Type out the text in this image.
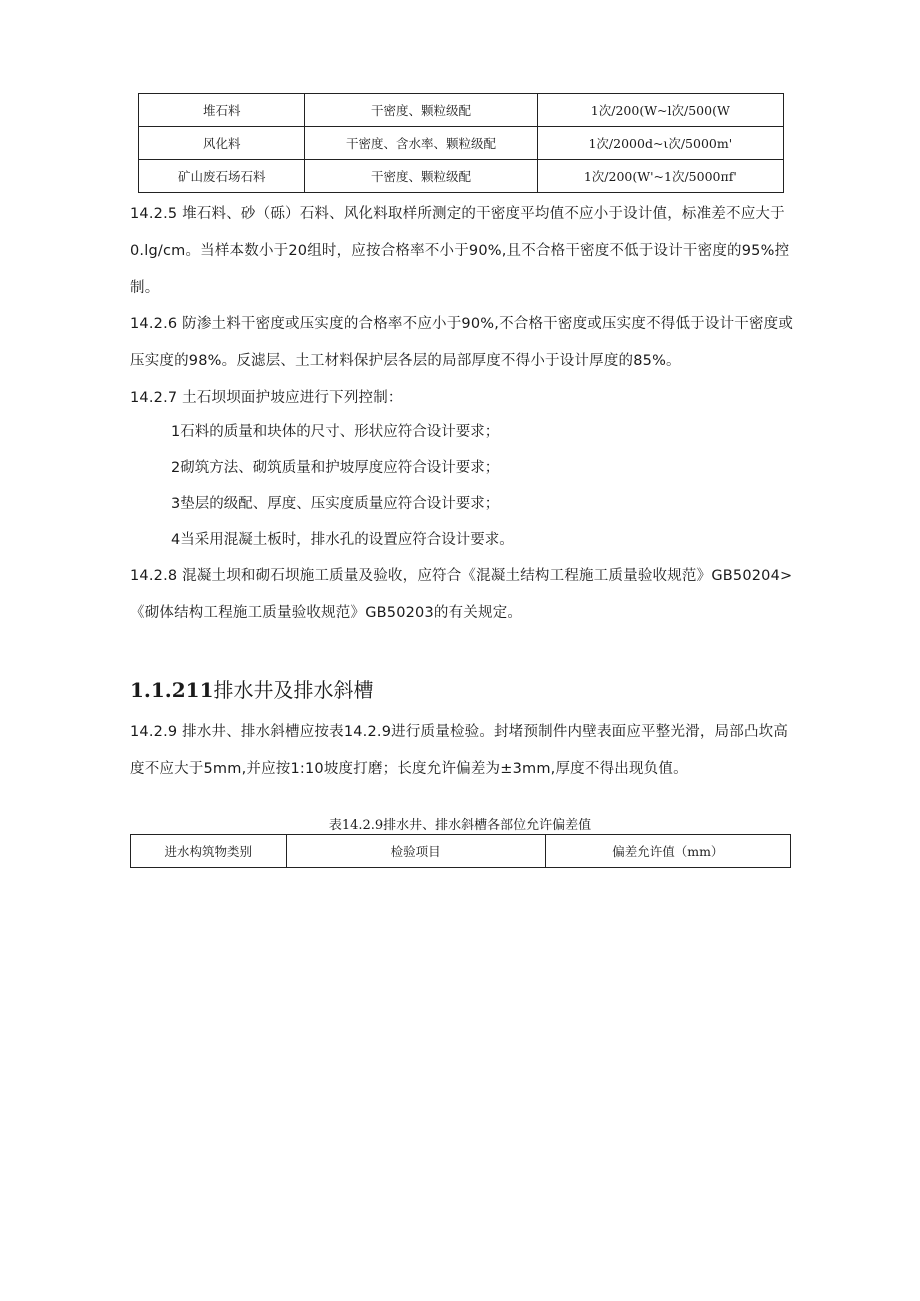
堆石料	干密度、颗粒级配	1次/200(W~l次/500(W
风化料	干密度、含水率、颗粒级配	1次/2000d~ι次/5000m'
矿山废石场石料	干密度、颗粒级配	1次/200(W'~1次/5000πf'

14.2.5 堆石料、砂（砾）石料、风化料取样所测定的干密度平均值不应小于设计值，标准差不应大于0.lg/cm。当样本数小于20组时，应按合格率不小于90%,且不合格干密度不低于设计干密度的95%控制。

14.2.6 防渗土料干密度或压实度的合格率不应小于90%,不合格干密度或压实度不得低于设计干密度或压实度的98%。反滤层、土工材料保护层各层的局部厚度不得小于设计厚度的85%。

14.2.7 土石坝坝面护坡应进行下列控制：

1石料的质量和块体的尺寸、形状应符合设计要求；

2砌筑方法、砌筑质量和护坡厚度应符合设计要求；

3垫层的级配、厚度、压实度质量应符合设计要求；

4当采用混凝土板时，排水孔的设置应符合设计要求。

14.2.8 混凝土坝和砌石坝施工质量及验收，应符合《混凝土结构工程施工质量验收规范》GB50204>《砌体结构工程施工质量验收规范》GB50203的有关规定。

1.1.211排水井及排水斜槽

14.2.9 排水井、排水斜槽应按表14.2.9进行质量检验。封堵预制件内壁表面应平整光滑，局部凸坎高度不应大于5mm,并应按1:10坡度打磨；长度允许偏差为±3mm,厚度不得出现负值。

表14.2.9排水井、排水斜槽各部位允许偏差值
进水构筑物类别	检验项目	偏差允许值（mm）
